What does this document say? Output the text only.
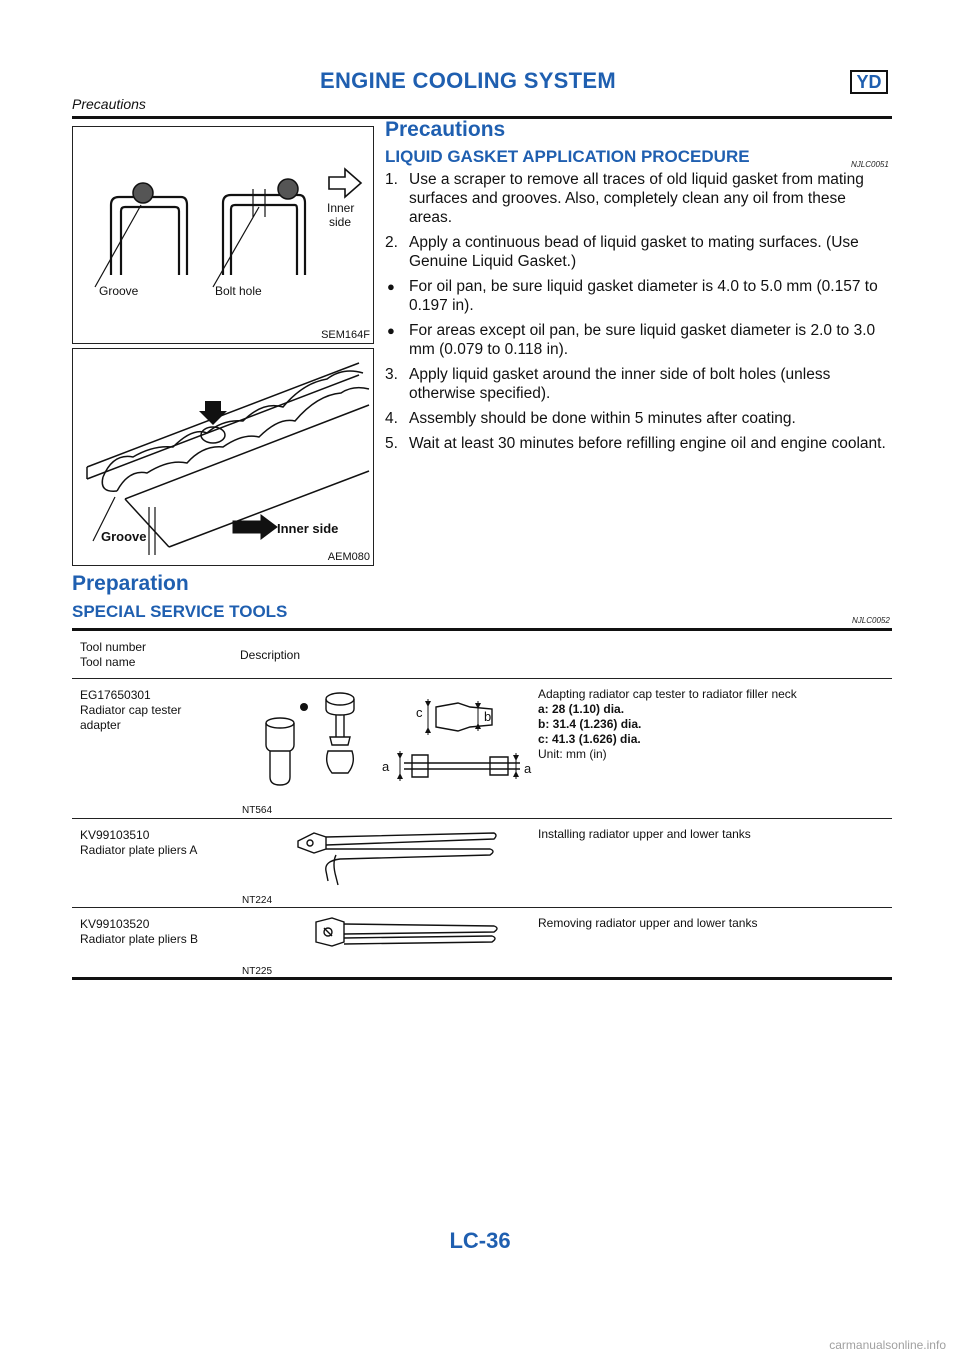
ENGINE COOLING SYSTEM	YD
Precautions
Groove	Bolt hole
Inner
side
SEM164F
Groove
Inner side
AEM080
Precautions
LIQUID GASKET APPLICATION PROCEDURE	NJLC0051
1. Use a scraper to remove all traces of old liquid gasket from mating surfaces and grooves. Also, completely clean any oil from these areas.
2. Apply a continuous bead of liquid gasket to mating surfaces. (Use Genuine Liquid Gasket.)
● For oil pan, be sure liquid gasket diameter is 4.0 to 5.0 mm (0.157 to 0.197 in).
● For areas except oil pan, be sure liquid gasket diameter is 2.0 to 3.0 mm (0.079 to 0.118 in).
3. Apply liquid gasket around the inner side of bolt holes (unless otherwise specified).
4. Assembly should be done within 5 minutes after coating.
5. Wait at least 30 minutes before refilling engine oil and engine coolant.
Preparation
SPECIAL SERVICE TOOLS	NJLC0052
Tool number
Tool name	Description
EG17650301
Radiator cap tester
adapter
c	b
a	a
NT564
Adapting radiator cap tester to radiator filler neck
a: 28 (1.10) dia.
b: 31.4 (1.236) dia.
c: 41.3 (1.626) dia.
Unit: mm (in)
KV99103510
Radiator plate pliers A
NT224
Installing radiator upper and lower tanks
KV99103520
Radiator plate pliers B
NT225
Removing radiator upper and lower tanks
LC-36
carmanualsonline.info
